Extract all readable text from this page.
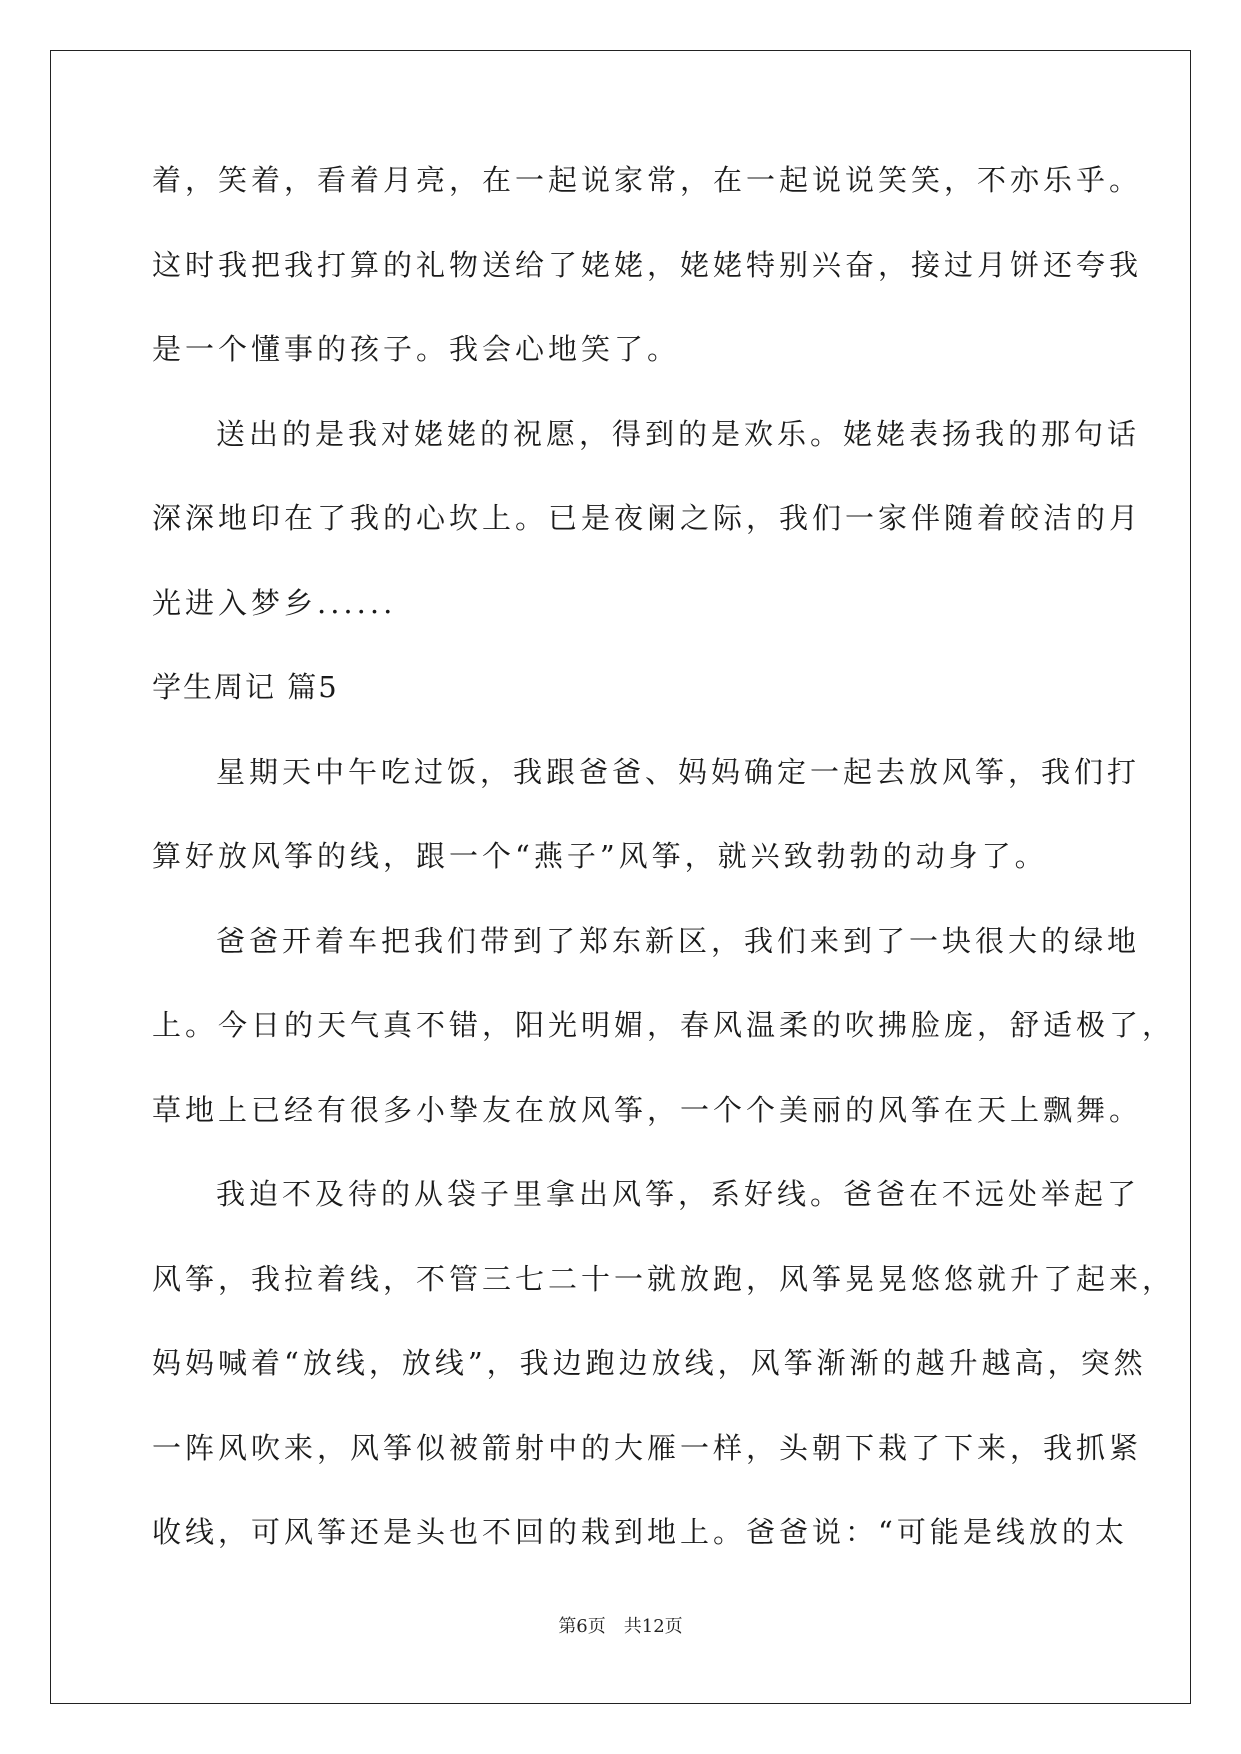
着，笑着，看着月亮，在一起说家常，在一起说说笑笑，不亦乐乎。
这时我把我打算的礼物送给了姥姥，姥姥特别兴奋，接过月饼还夸我
是一个懂事的孩子。我会心地笑了。
送出的是我对姥姥的祝愿，得到的是欢乐。姥姥表扬我的那句话
深深地印在了我的心坎上。已是夜阑之际，我们一家伴随着皎洁的月
光进入梦乡......
学生周记 篇5
星期天中午吃过饭，我跟爸爸、妈妈确定一起去放风筝，我们打
算好放风筝的线，跟一个“燕子”风筝，就兴致勃勃的动身了。
爸爸开着车把我们带到了郑东新区，我们来到了一块很大的绿地
上。今日的天气真不错，阳光明媚，春风温柔的吹拂脸庞，舒适极了，
草地上已经有很多小挚友在放风筝，一个个美丽的风筝在天上飘舞。
我迫不及待的从袋子里拿出风筝，系好线。爸爸在不远处举起了
风筝，我拉着线，不管三七二十一就放跑，风筝晃晃悠悠就升了起来，
妈妈喊着“放线，放线”，我边跑边放线，风筝渐渐的越升越高，突然
一阵风吹来，风筝似被箭射中的大雁一样，头朝下栽了下来，我抓紧
收线，可风筝还是头也不回的栽到地上。爸爸说：“可能是线放的太
第6页　共12页
